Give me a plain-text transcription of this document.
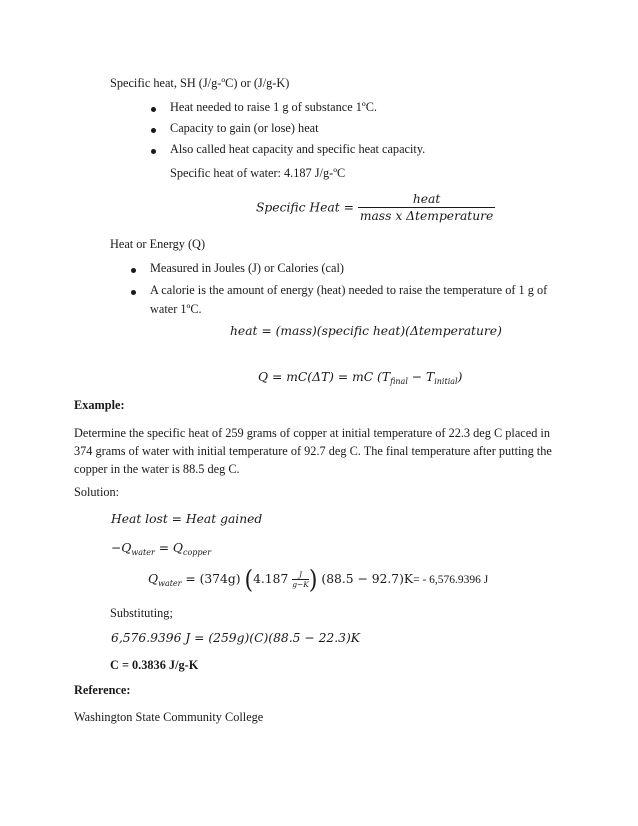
Specific heat, SH (J/g-ºC) or (J/g-K)
Heat needed to raise 1 g of substance 1ºC.
Capacity to gain (or lose) heat
Also called heat capacity and specific heat capacity.
Specific heat of water: 4.187 J/g-ºC
Specific Heat = $\frac{\text{heat}}{\text{mass x Δtemperature}}$
Heat or Energy (Q)
Measured in Joules (J) or Calories (cal)
A calorie is the amount of energy (heat) needed to raise the temperature of 1 g of
water 1ºC.
heat = (mass)(specific heat)(Δtemperature)
Q = mC(ΔT) = mC $(T_{final} - T_{initial})$
Example:
Determine the specific heat of 259 grams of copper at initial temperature of 22.3 deg C placed in
374 grams of water with initial temperature of 92.7 deg C. The final temperature after putting the
copper in the water is 88.5 deg C.
Solution:
Heat lost = Heat gained
$-Q_{water} = Q_{copper}$
$Q_{water} = (374g)$ ($4.187 \frac{J}{g-K}$ ) (88.5 − 92.7)K= - 6,576.9396 J
Substituting;
6,576.9396 J = (259g)(C)(88.5 − 22.3)K
C = 0.3836 J/g-K
Reference:
Washington State Community College
